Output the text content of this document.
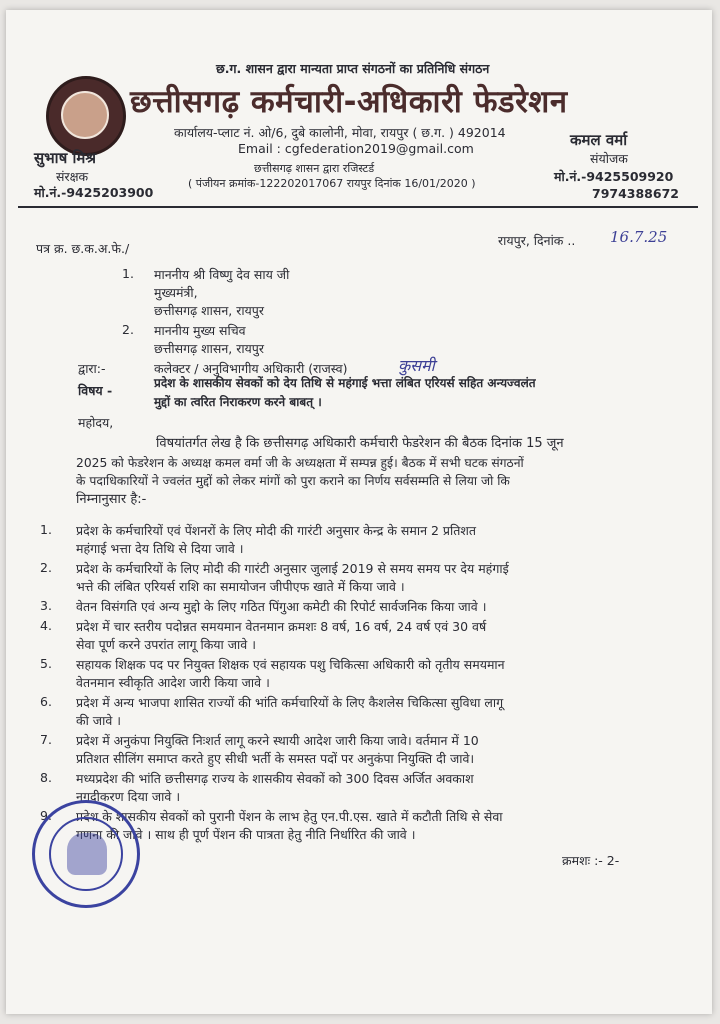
छ.ग. शासन द्वारा मान्यता प्राप्त संगठनों का प्रतिनिधि संगठन
छत्तीसगढ़ कर्मचारी-अधिकारी फेडरेशन
कार्यालय-प्लाट नं. ओ/6, दुबे कालोनी, मोवा, रायपुर ( छ.ग. ) 492014
Email : cgfederation2019@gmail.com
छत्तीसगढ़ शासन द्वारा रजिस्टर्ड
( पंजीयन क्रमांक-122202017067 रायपुर दिनांक 16/01/2020 )
सुभाष मिश्र
संरक्षक
मो.नं.-9425203900
कमल वर्मा
संयोजक
मो.नं.-9425509920
7974388672
पत्र क्र. छ.क.अ.फे./
रायपुर, दिनांक .. 16.7.25
1. माननीय श्री विष्णु देव साय जी
मुख्यमंत्री,
छत्तीसगढ़ शासन, रायपुर
2. माननीय मुख्य सचिव
छत्तीसगढ़ शासन, रायपुर
द्वारा:-	कलेक्टर / अनुविभागीय अधिकारी (राजस्व)	कुसमी
विषय -	प्रदेश के शासकीय सेवकों को देय तिथि से महंगाई भत्ता लंबित एरियर्स सहित अन्यज्वलंत
मुद्दों का त्वरित निराकरण करने बाबत् ।
महोदय,
विषयांतर्गत लेख है कि छत्तीसगढ़ अधिकारी कर्मचारी फेडरेशन की बैठक दिनांक 15 जून
2025 को फेडरेशन के अध्यक्ष कमल वर्मा जी के अध्यक्षता में सम्पन्न हुई। बैठक में सभी घटक संगठनों
के पदाधिकारियों ने ज्वलंत मुद्दों को लेकर मांगों को पुरा कराने का निर्णय सर्वसम्मति से लिया जो कि
निम्नानुसार है:-
1. प्रदेश के कर्मचारियों एवं पेंशनरों के लिए मोदी की गारंटी अनुसार केन्द्र के समान 2 प्रतिशत
महंगाई भत्ता देय तिथि से दिया जावे ।
2. प्रदेश के कर्मचारियों के लिए मोदी की गारंटी अनुसार जुलाई 2019 से समय समय पर देय महंगाई
भत्ते की लंबित एरियर्स राशि का समायोजन जीपीएफ खाते में किया जावे ।
3. वेतन विसंगति एवं अन्य मुद्दो के लिए गठित पिंगुआ कमेटी की रिपोर्ट सार्वजनिक किया जावे ।
4. प्रदेश में चार स्तरीय पदोन्नत समयमान वेतनमान क्रमशः 8 वर्ष, 16 वर्ष, 24 वर्ष एवं 30 वर्ष
सेवा पूर्ण करने उपरांत लागू किया जावे ।
5. सहायक शिक्षक पद पर नियुक्त शिक्षक एवं सहायक पशु चिकित्सा अधिकारी को तृतीय समयमान
वेतनमान स्वीकृति आदेश जारी किया जावे ।
6. प्रदेश में अन्य भाजपा शासित राज्यों की भांति कर्मचारियों के लिए कैशलेस चिकित्सा सुविधा लागू
की जावे ।
7. प्रदेश में अनुकंपा नियुक्ति निःशर्त लागू करने स्थायी आदेश जारी किया जावे। वर्तमान में 10
प्रतिशत सीलिंग समाप्त करते हुए सीधी भर्ती के समस्त पदों पर अनुकंपा नियुक्ति दी जावे।
8. मध्यप्रदेश की भांति छत्तीसगढ़ राज्य के शासकीय सेवकों को 300 दिवस अर्जित अवकाश
नगदीकरण दिया जावे ।
9. प्रदेश के शासकीय सेवकों को पुरानी पेंशन के लाभ हेतु एन.पी.एस. खाते में कटौती तिथि से सेवा
गणना की जावे । साथ ही पूर्ण पेंशन की पात्रता हेतु नीति निर्धारित की जावे ।
क्रमशः :- 2-
